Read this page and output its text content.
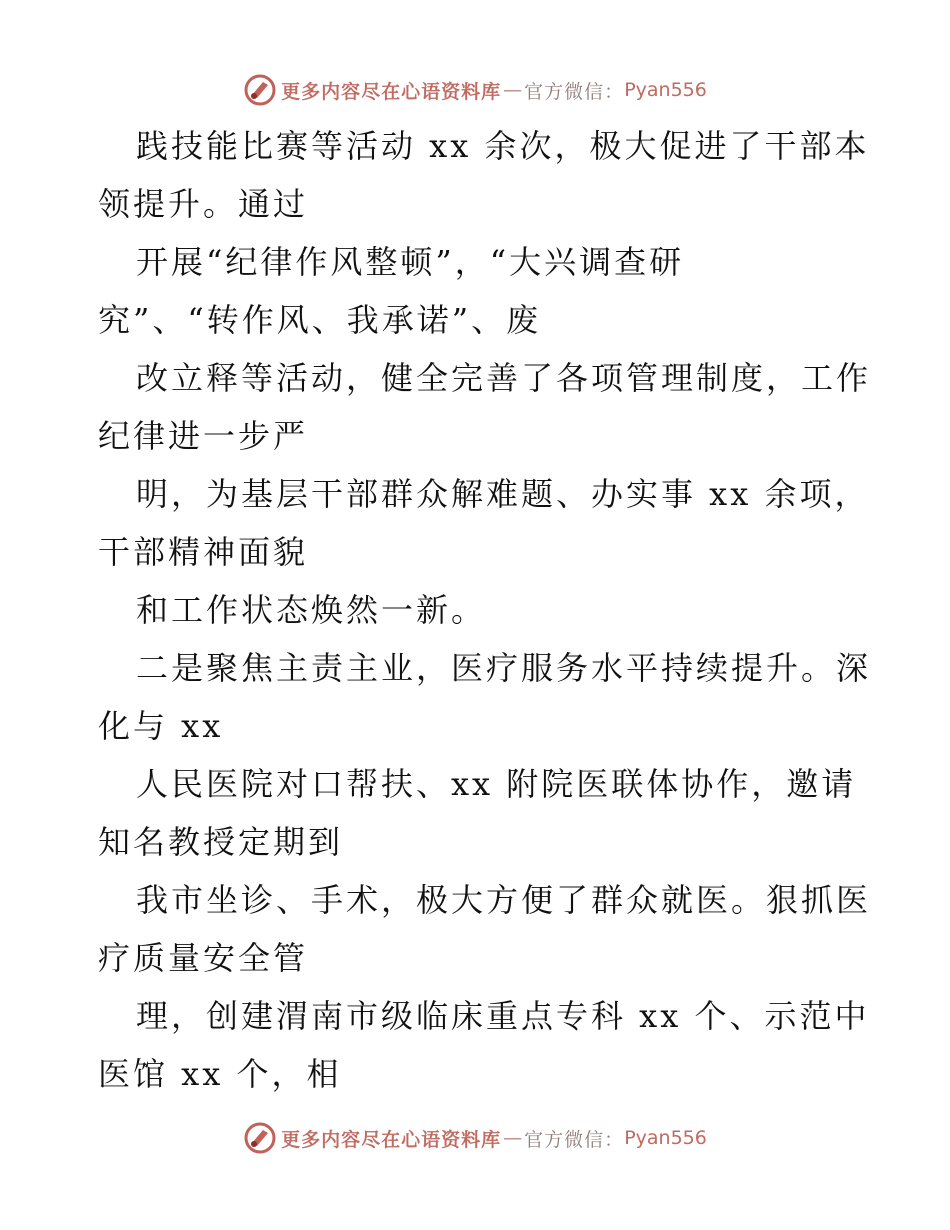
更多内容尽在心语资料库 — 官方微信： Pyan556
践技能比赛等活动 xx 余次，极大促进了干部本
领提升。通过
开展“纪律作风整顿”，“大兴调查研
究”、“转作风、我承诺”、废
改立释等活动，健全完善了各项管理制度，工作
纪律进一步严
明，为基层干部群众解难题、办实事 xx 余项，
干部精神面貌
和工作状态焕然一新。
二是聚焦主责主业，医疗服务水平持续提升。深
化与 xx
人民医院对口帮扶、xx 附院医联体协作，邀请
知名教授定期到
我市坐诊、手术，极大方便了群众就医。狠抓医
疗质量安全管
理，创建渭南市级临床重点专科 xx 个、示范中
医馆 xx 个，相
更多内容尽在心语资料库 — 官方微信： Pyan556
